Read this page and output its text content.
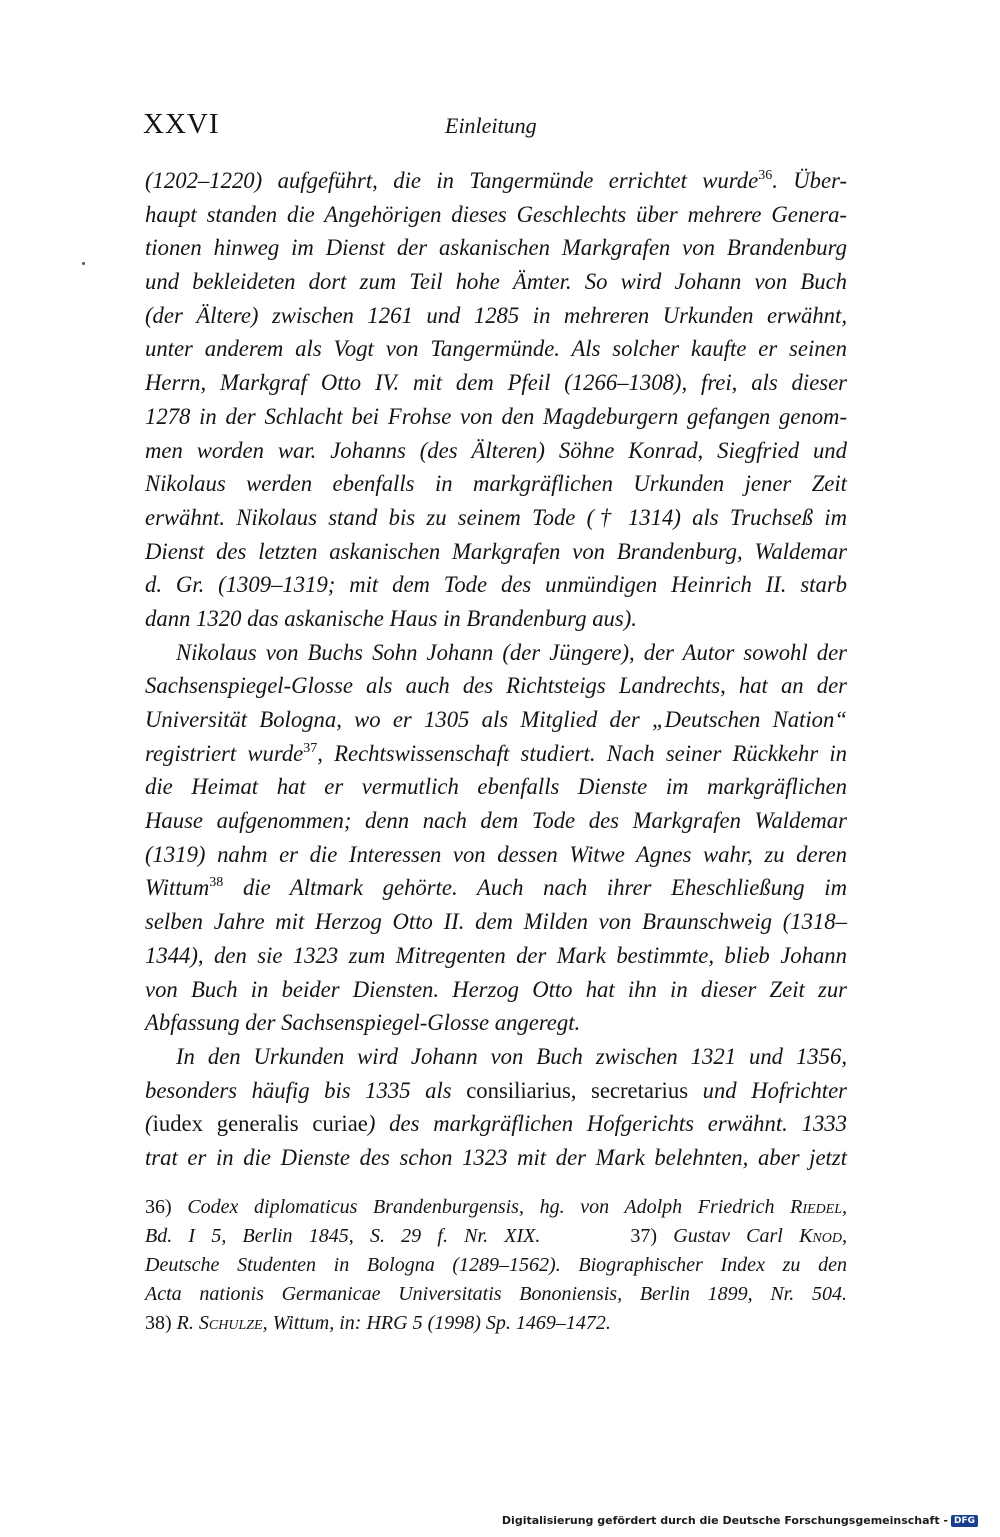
XXVI	Einleitung
(1202–1220) aufgeführt, die in Tangermünde errichtet wurde$^{36}$. Über-
haupt standen die Angehörigen dieses Geschlechts über mehrere Genera-
tionen hinweg im Dienst der askanischen Markgrafen von Brandenburg
und bekleideten dort zum Teil hohe Ämter. So wird Johann von Buch
(der Ältere) zwischen 1261 und 1285 in mehreren Urkunden erwähnt,
unter anderem als Vogt von Tangermünde. Als solcher kaufte er seinen
Herrn, Markgraf Otto IV. mit dem Pfeil (1266–1308), frei, als dieser
1278 in der Schlacht bei Frohse von den Magdeburgern gefangen genom-
men worden war. Johanns (des Älteren) Söhne Konrad, Siegfried und
Nikolaus werden ebenfalls in markgräflichen Urkunden jener Zeit
erwähnt. Nikolaus stand bis zu seinem Tode († 1314) als Truchseß im
Dienst des letzten askanischen Markgrafen von Brandenburg, Waldemar
d. Gr. (1309–1319; mit dem Tode des unmündigen Heinrich II. starb
dann 1320 das askanische Haus in Brandenburg aus).
Nikolaus von Buchs Sohn Johann (der Jüngere), der Autor sowohl der
Sachsenspiegel-Glosse als auch des Richtsteigs Landrechts, hat an der
Universität Bologna, wo er 1305 als Mitglied der „Deutschen Nation“
registriert wurde$^{37}$, Rechtswissenschaft studiert. Nach seiner Rückkehr in
die Heimat hat er vermutlich ebenfalls Dienste im markgräflichen
Hause aufgenommen; denn nach dem Tode des Markgrafen Waldemar
(1319) nahm er die Interessen von dessen Witwe Agnes wahr, zu deren
Wittum$^{38}$ die Altmark gehörte. Auch nach ihrer Eheschließung im
selben Jahre mit Herzog Otto II. dem Milden von Braunschweig (1318–
1344), den sie 1323 zum Mitregenten der Mark bestimmte, blieb Johann
von Buch in beider Diensten. Herzog Otto hat ihn in dieser Zeit zur
Abfassung der Sachsenspiegel-Glosse angeregt.
In den Urkunden wird Johann von Buch zwischen 1321 und 1356,
besonders häufig bis 1335 als consiliarius, secretarius und Hofrichter
(iudex generalis curiae) des markgräflichen Hofgerichts erwähnt. 1333
trat er in die Dienste des schon 1323 mit der Mark belehnten, aber jetzt
36) Codex diplomaticus Brandenburgensis, hg. von Adolph Friedrich Riedel,
Bd. I 5, Berlin 1845, S. 29 f. Nr. XIX.	37) Gustav Carl Knod,
Deutsche Studenten in Bologna (1289–1562). Biographischer Index zu den
Acta nationis Germanicae Universitatis Bononiensis, Berlin 1899, Nr. 504.
38) R. Schulze, Wittum, in: HRG 5 (1998) Sp. 1469–1472.
Digitalisierung gefördert durch die Deutsche Forschungsgemeinschaft - DFG
